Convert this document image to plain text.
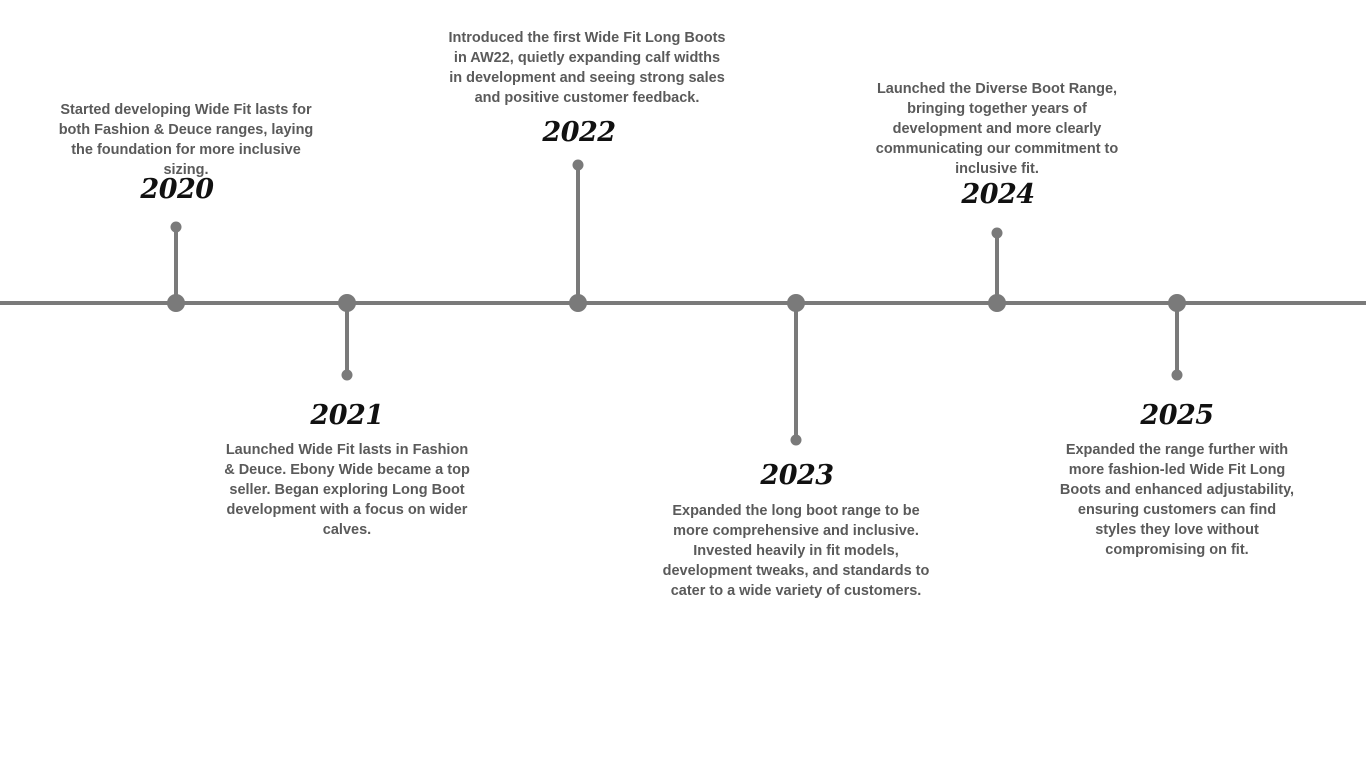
2020
Started developing Wide Fit lasts for both Fashion & Deuce ranges, laying the foundation for more inclusive sizing.
2021
Launched Wide Fit lasts in Fashion & Deuce. Ebony Wide became a top seller. Began exploring Long Boot development with a focus on wider calves.
2022
Introduced the first Wide Fit Long Boots in AW22, quietly expanding calf widths in development and seeing strong sales and positive customer feedback.
2023
Expanded the long boot range to be more comprehensive and inclusive. Invested heavily in fit models, development tweaks, and standards to cater to a wide variety of customers.
2024
Launched the Diverse Boot Range, bringing together years of development and more clearly communicating our commitment to inclusive fit.
2025
Expanded the range further with more fashion-led Wide Fit Long Boots and enhanced adjustability, ensuring customers can find styles they love without compromising on fit.
